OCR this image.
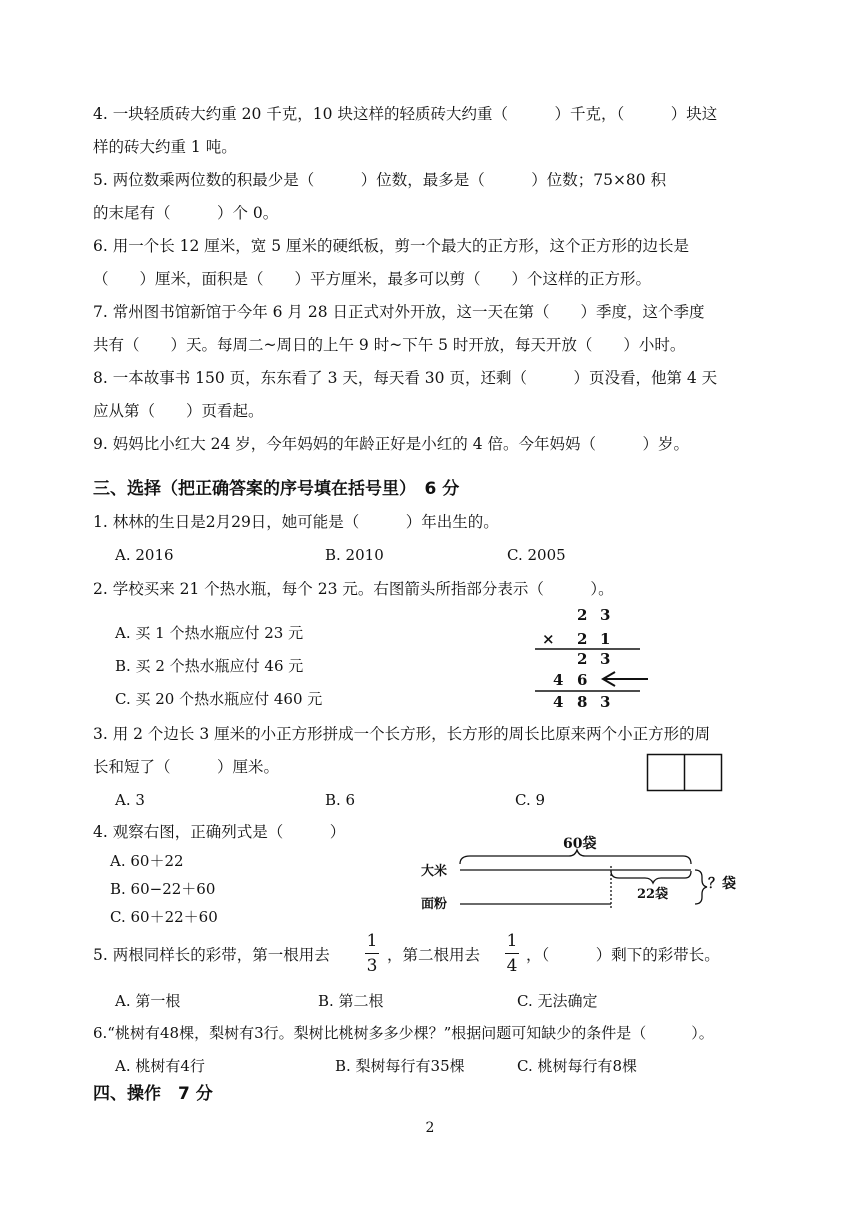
4. 一块轻质砖大约重 20 千克，10 块这样的轻质砖大约重（　　　）千克，（　　　）块这
样的砖大约重 1 吨。
5. 两位数乘两位数的积最少是（　　　）位数，最多是（　　　）位数；75×80 积
的末尾有（　　　）个 0。
6. 用一个长 12 厘米，宽 5 厘米的硬纸板，剪一个最大的正方形，这个正方形的边长是
（　　）厘米，面积是（　　）平方厘米，最多可以剪（　　）个这样的正方形。
7. 常州图书馆新馆于今年 6 月 28 日正式对外开放，这一天在第（　　）季度，这个季度
共有（　　）天。每周二~周日的上午 9 时~下午 5 时开放，每天开放（　　）小时。
8. 一本故事书 150 页，东东看了 3 天，每天看 30 页，还剩（　　　）页没看，他第 4 天
应从第（　　）页看起。
9. 妈妈比小红大 24 岁，今年妈妈的年龄正好是小红的 4 倍。今年妈妈（　　　）岁。
三、选择（把正确答案的序号填在括号里）　6 分
1. 林林的生日是2月29日，她可能是（　　　）年出生的。
A. 2016	B. 2010	C. 2005
2. 学校买来 21 个热水瓶，每个 23 元。右图箭头所指部分表示（　　　）。
A. 买 1 个热水瓶应付 23 元
B. 买 2 个热水瓶应付 46 元
C. 买 20 个热水瓶应付 460 元
2 3
× 2 1
2 3
4 6
4 8 3
3. 用 2 个边长 3 厘米的小正方形拼成一个长方形，长方形的周长比原来两个小正方形的周
长和短了（　　　）厘米。
A. 3	B. 6	C. 9
4. 观察右图，正确列式是（　　　）
A. 60＋22
B. 60−22＋60
C. 60＋22＋60
60袋
大米
面粉
22袋
？袋
5. 两根同样长的彩带，第一根用去
1
3
，第二根用去
1
4
，（　　　）剩下的彩带长。
A. 第一根	B. 第二根	C. 无法确定
6.“桃树有48棵，梨树有3行。梨树比桃树多多少棵？”根据问题可知缺少的条件是（　　　）。
A. 桃树有4行	B. 梨树每行有35棵	C. 桃树每行有8棵
四、操作　7 分
2
